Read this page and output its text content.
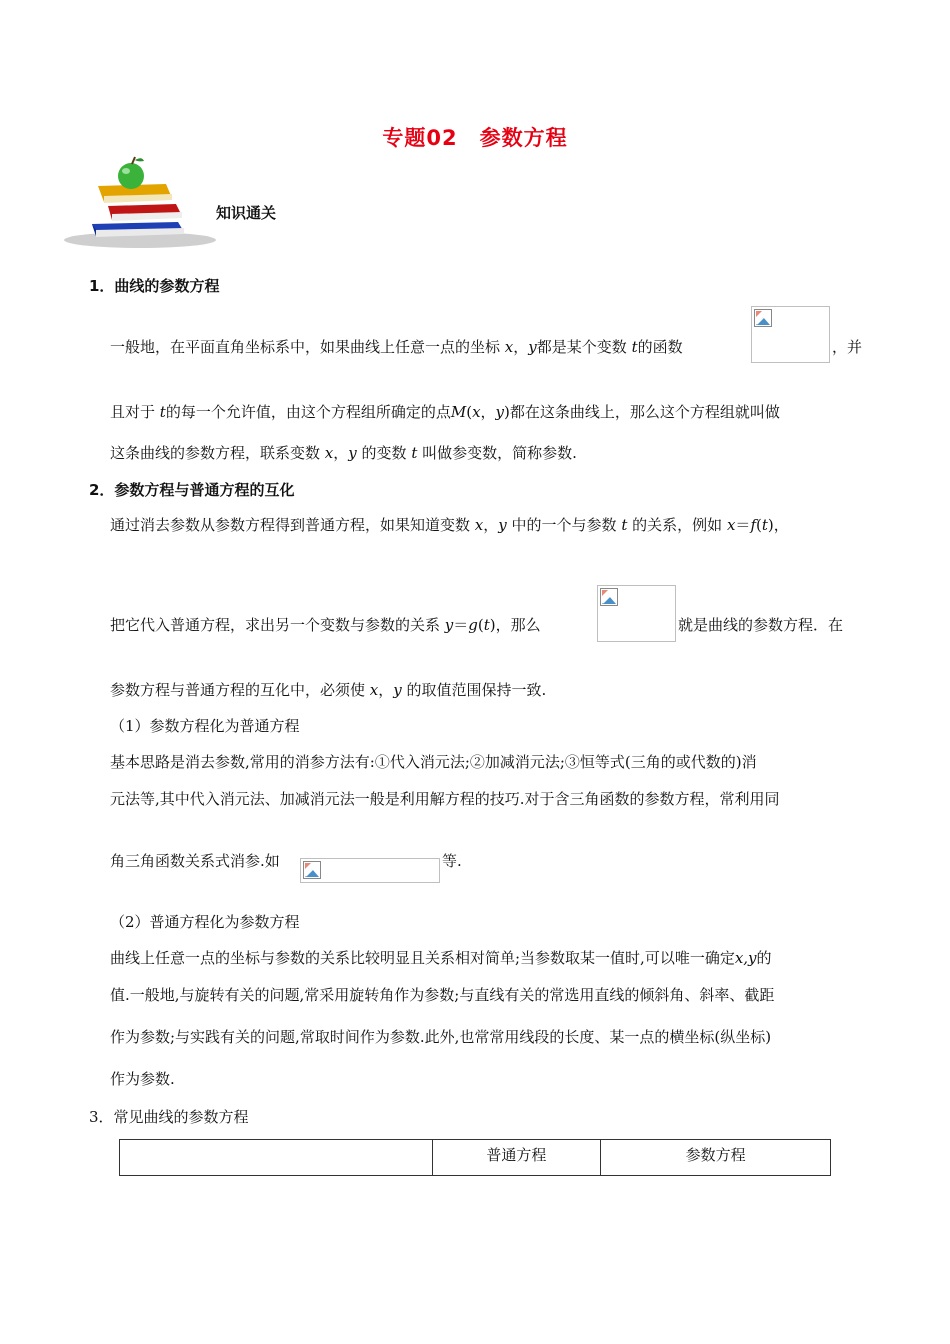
专题02　参数方程
知识通关
1．曲线的参数方程
一般地，在平面直角坐标系中，如果曲线上任意一点的坐标 x，y都是某个变数 t的函数	，并
且对于 t的每一个允许值，由这个方程组所确定的点M(x，y)都在这条曲线上，那么这个方程组就叫做
这条曲线的参数方程，联系变数 x，y 的变数 t 叫做参变数，简称参数.
2．参数方程与普通方程的互化
通过消去参数从参数方程得到普通方程，如果知道变数 x，y 中的一个与参数 t 的关系，例如 x＝f(t)，
把它代入普通方程，求出另一个变数与参数的关系 y＝g(t)，那么	就是曲线的参数方程．在
参数方程与普通方程的互化中，必须使 x，y 的取值范围保持一致.
（1）参数方程化为普通方程
基本思路是消去参数,常用的消参方法有:①代入消元法;②加减消元法;③恒等式(三角的或代数的)消
元法等,其中代入消元法、加减消元法一般是利用解方程的技巧.对于含三角函数的参数方程，常利用同
角三角函数关系式消参.如	等.
（2）普通方程化为参数方程
曲线上任意一点的坐标与参数的关系比较明显且关系相对简单;当参数取某一值时,可以唯一确定x,y的
值.一般地,与旋转有关的问题,常采用旋转角作为参数;与直线有关的常选用直线的倾斜角、斜率、截距
作为参数;与实践有关的问题,常取时间作为参数.此外,也常常用线段的长度、某一点的横坐标(纵坐标)
作为参数.
3．常见曲线的参数方程
	普通方程	参数方程
